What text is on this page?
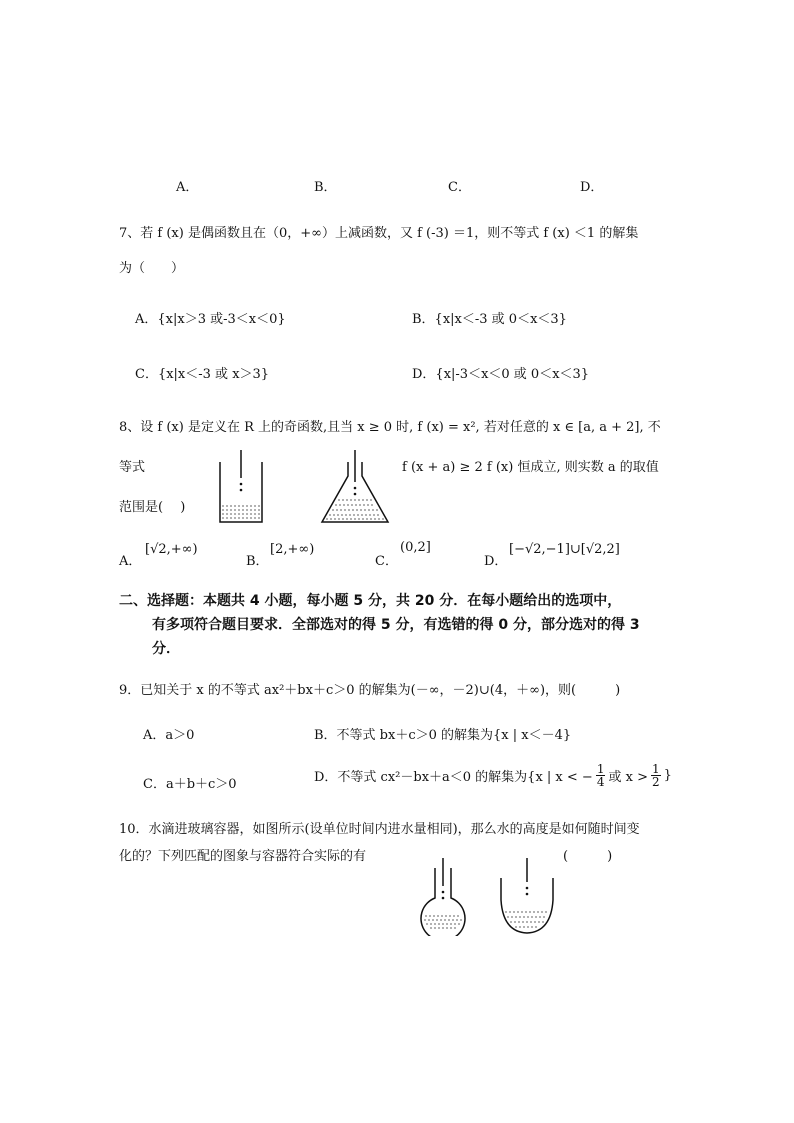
A．	B．	C．	D．
7、若 f (x) 是偶函数且在（0，+∞）上减函数，又 f (-3) ＝1，则不等式 f (x) ＜1 的解集
为（　　）
A．{x|x＞3 或-3＜x＜0}	B．{x|x＜-3 或 0＜x＜3}
C．{x|x＜-3 或 x＞3}	D．{x|-3＜x＜0 或 0＜x＜3}
8、设 f (x) 是定义在 R 上的奇函数,且当 x ≥ 0 时, f (x) = x², 若对任意的 x ∈ [a, a + 2], 不
等式	f (x + a) ≥ 2 f (x) 恒成立, 则实数 a 的取值
范围是(　 )
A．
[√2,+∞)
B．
[2,+∞)
C．
(0,2]
D．
[−√2,−1]∪[√2,2]
二、选择题：本题共 4 小题，每小题 5 分，共 20 分．在每小题给出的选项中，
有多项符合题目要求．全部选对的得 5 分，有选错的得 0 分，部分选对的得 3
分．
9．已知关于 x 的不等式 ax²＋bx＋c＞0 的解集为(－∞，－2)∪(4，＋∞)，则(　　　)
A．a＞0	B．不等式 bx＋c＞0 的解集为{x | x＜－4}
C．a＋b＋c＞0	D．不等式 cx²－bx＋a＜0 的解集为{x | x < − $\frac{1}{4}$ 或 $x > \frac{1}{2}$ }
10．水滴进玻璃容器，如图所示(设单位时间内进水量相同)，那么水的高度是如何随时间变
化的？下列匹配的图象与容器符合实际的有	(　　　)
